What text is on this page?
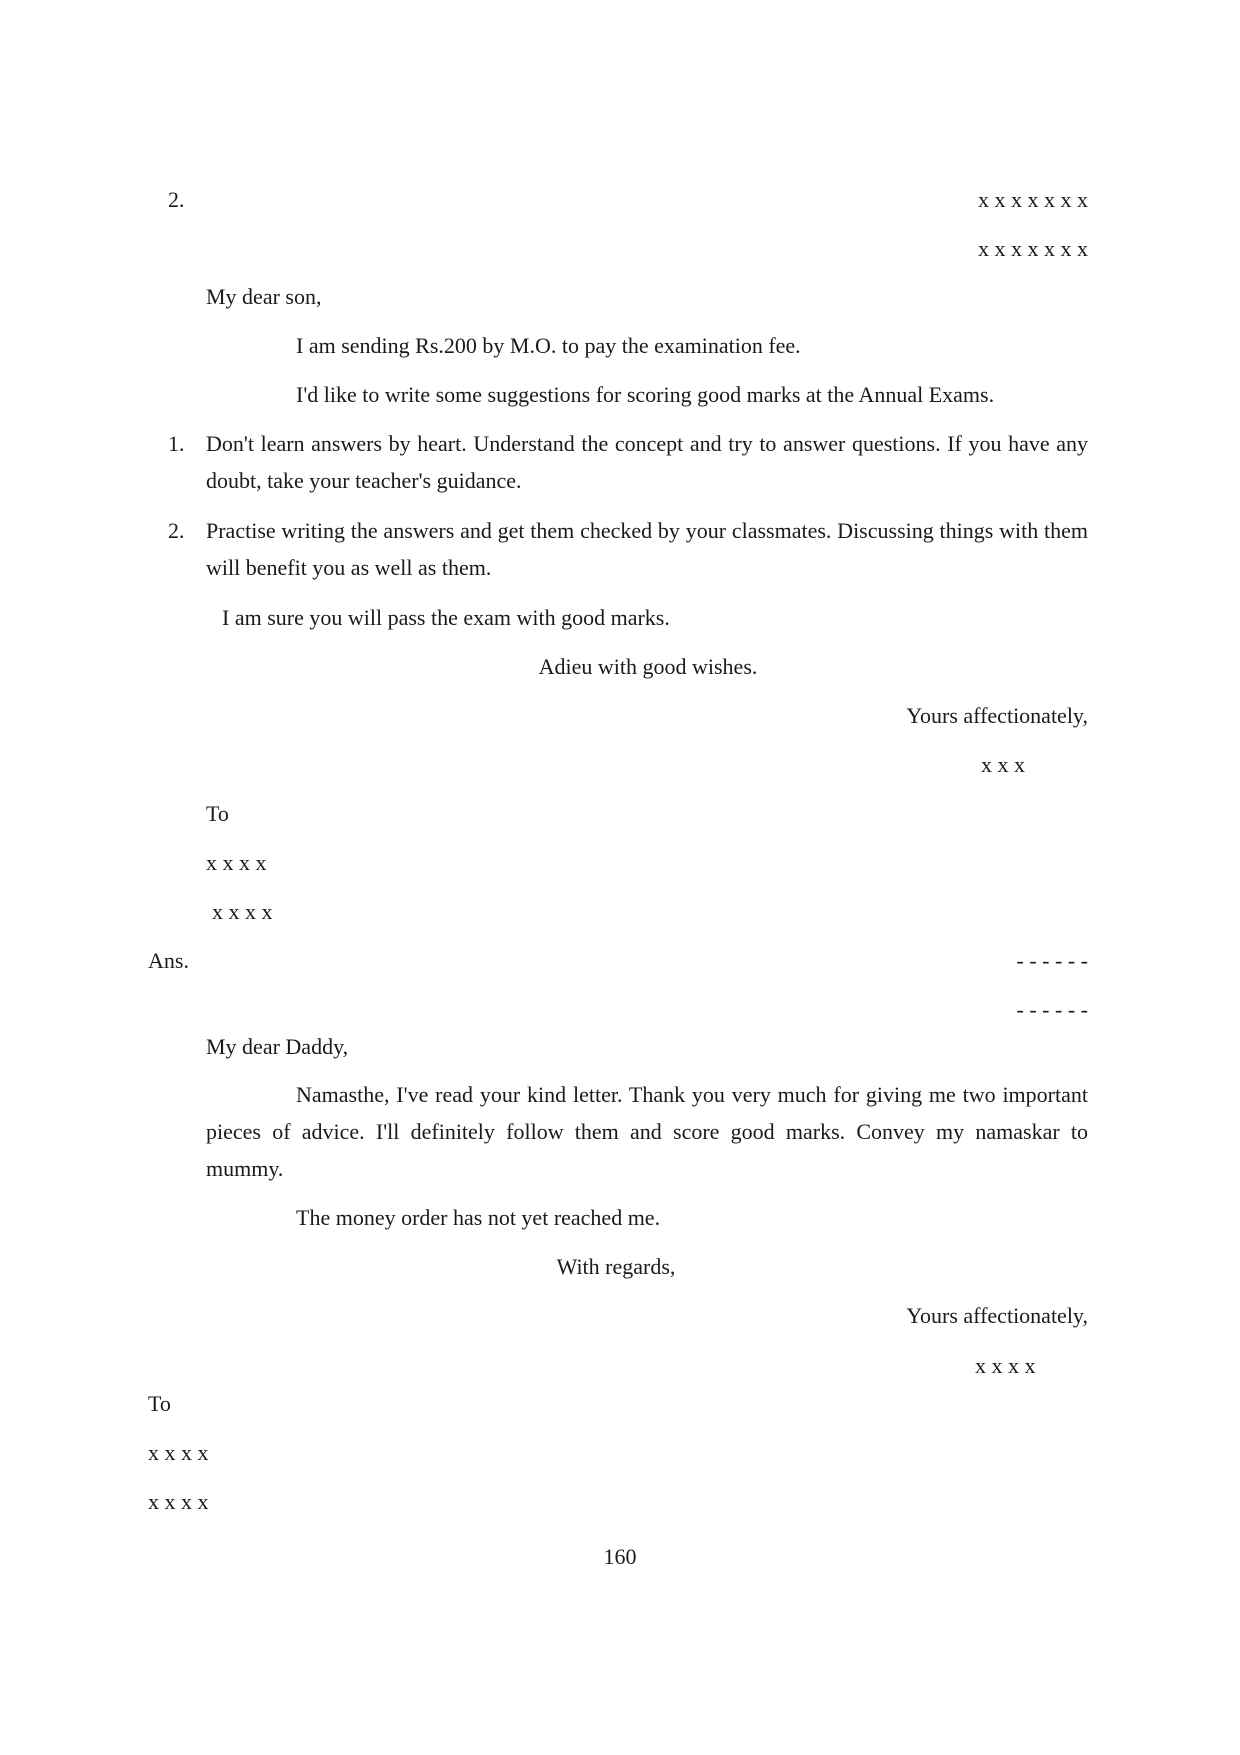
2.	x x x x x x x
x x x x x x x
My dear son,
I am sending Rs.200 by M.O. to pay the examination fee.
I'd like to write some suggestions for scoring good marks at the Annual Exams.
1. Don't learn answers by heart. Understand the concept and try to answer questions. If you have any doubt, take your teacher's guidance.
2. Practise writing the answers and get them checked by your classmates. Discussing things with them will benefit you as well as them.
I am sure you will pass the exam with good marks.
Adieu with good wishes.
Yours affectionately,
x x x
To
x x x x
x x x x
Ans.	- - - - - -
- - - - - -
My dear Daddy,
Namasthe, I've read your kind letter. Thank you very much for giving me two important pieces of advice. I'll definitely follow them and score good marks. Convey my namaskar to mummy.
The money order has not yet reached me.
With regards,
Yours affectionately,
x x x x
To
x x x x
x x x x
160
